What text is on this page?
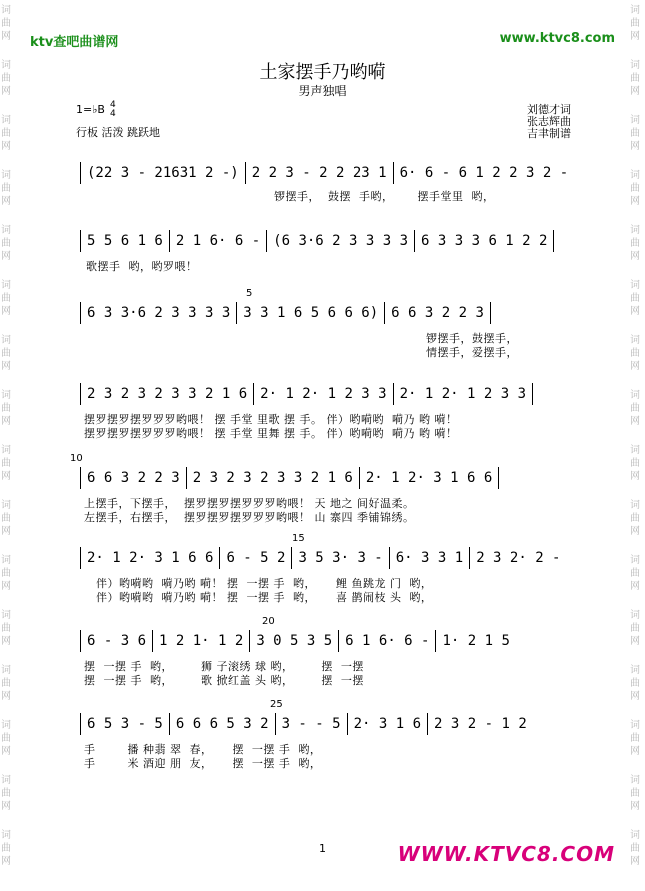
词曲网
词曲网
词曲网
词曲网
词曲网
词曲网
词曲网
词曲网
词曲网
词曲网
词曲网
词曲网
词曲网
词曲网
词曲网
词曲网
词曲网
词曲网
词曲网
词曲网
词曲网
词曲网
词曲网
词曲网
词曲网
词曲网
词曲网
词曲网
词曲网
词曲网
词曲网
词曲网
ktv查吧曲谱网	www.ktvc8.com
土家摆手乃哟嗬
男声独唱
1=♭B 4
4
行板 活泼 跳跃地
刘德才词
张志辉曲
吉聿制谱
(22 3 - 21631 2 -) 2 2 3 - 2 2 23 1 6· 6 - 6 1 2 2 3 2 -
锣摆手，  鼓摆  手哟，      摆手堂里  哟，
5 5 6 1 6 2 1 6· 6 - (6 3·6 2 3 3 3 3 6 3 3 3 6 1 2 2
歌摆手  哟，哟罗喂！
5
6 3 3·6 2 3 3 3 3 3 3 1 6 5 6 6 6) 6 6 3 2 2 3
锣摆手，鼓摆手，
情摆手，爱摆手，
2 3 2 3 2 3 3 2 1 6 2· 1 2· 1 2 3 3 2· 1 2· 1 2 3 3
摆罗摆罗摆罗罗罗哟喂！ 摆 手堂 里歌 摆 手。 伴）哟嗬哟  嗬乃 哟 嗬！
摆罗摆罗摆罗罗罗哟喂！ 摆 手堂 里舞 摆 手。 伴）哟嗬哟  嗬乃 哟 嗬！
10
6 6 3 2 2 3 2 3 2 3 2 3 3 2 1 6 2· 1 2· 3 1 6 6
上摆手，下摆手，  摆罗摆罗摆罗罗罗哟喂！ 天 地之 间好温柔。
左摆手，右摆手，  摆罗摆罗摆罗罗罗哟喂！ 山 寨四 季铺锦绣。
15
2· 1 2· 3 1 6 6 6 - 5 2 3 5 3· 3 - 6· 3 3 1 2 3 2· 2 -
伴）哟嗬哟  嗬乃哟 嗬！ 摆  一摆 手  哟，     鲤 鱼跳龙 门  哟，
伴）哟嗬哟  嗬乃哟 嗬！ 摆  一摆 手  哟，     喜 鹊闹枝 头  哟，
20
6 - 3 6 1 2 1· 1 2 3 0 5 3 5 6 1 6· 6 - 1· 2 1 5
摆  一摆 手  哟，       狮 子滚绣 球 哟，       摆  一摆
摆  一摆 手  哟，       歌 掀红盖 头 哟，       摆  一摆
25
6 5 3 - 5 6 6 6 5 3 2 3 - - 5 2· 3 1 6 2 3 2 - 1 2
手        播 种翡 翠  春，     摆  一摆 手  哟，
手        米 酒迎 朋  友，     摆  一摆 手  哟，
1	WWW.KTVC8.COM
